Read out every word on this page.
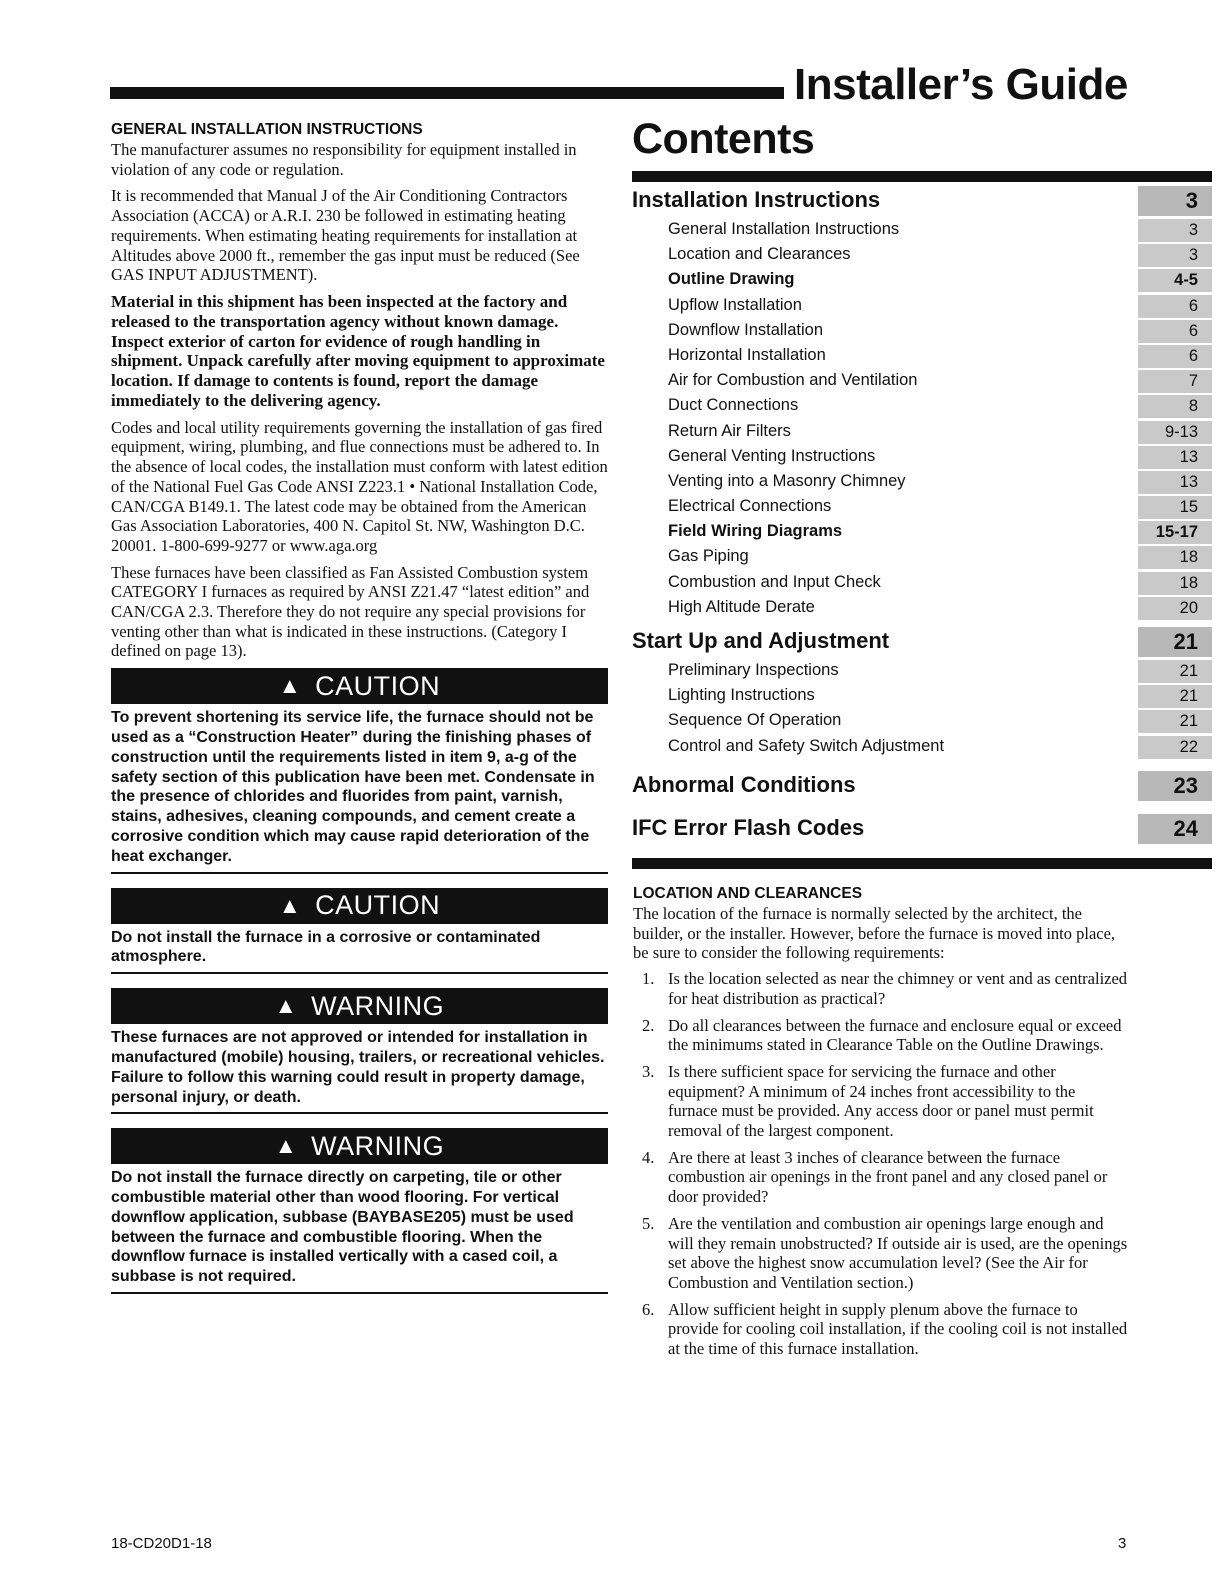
Installer’s Guide
GENERAL INSTALLATION INSTRUCTIONS

The manufacturer assumes no responsibility for equipment installed in violation of any code or regulation.

It is recommended that Manual J of the Air Conditioning Contractors Association (ACCA) or A.R.I. 230 be followed in estimating heating requirements. When estimating heating requirements for installation at Altitudes above 2000 ft., remember the gas input must be reduced (See GAS INPUT ADJUSTMENT).

Material in this shipment has been inspected at the factory and released to the transportation agency without known damage. Inspect exterior of carton for evidence of rough handling in shipment. Unpack carefully after moving equipment to approximate location. If damage to contents is found, report the damage immediately to the delivering agency.

Codes and local utility requirements governing the installation of gas fired equipment, wiring, plumbing, and flue connections must be adhered to. In the absence of local codes, the installation must conform with latest edition of the National Fuel Gas Code ANSI Z223.1 • National Installation Code, CAN/CGA B149.1. The latest code may be obtained from the American Gas Association Laboratories, 400 N. Capitol St. NW, Washington D.C. 20001. 1-800-699-9277 or www.aga.org

These furnaces have been classified as Fan Assisted Combustion system CATEGORY I furnaces as required by ANSI Z21.47 “latest edition” and CAN/CGA 2.3. Therefore they do not require any special provisions for venting other than what is indicated in these instructions. (Category I defined on page 13).

▲ CAUTION
To prevent shortening its service life, the furnace should not be used as a “Construction Heater” during the finishing phases of construction until the requirements listed in item 9, a-g of the safety section of this publication have been met. Condensate in the presence of chlorides and fluorides from paint, varnish, stains, adhesives, cleaning compounds, and cement create a corrosive condition which may cause rapid deterioration of the heat exchanger.
▲ CAUTION
Do not install the furnace in a corrosive or contaminated atmosphere.
▲ WARNING
These furnaces are not approved or intended for installation in manufactured (mobile) housing, trailers, or recreational vehicles. Failure to follow this warning could result in property damage, personal injury, or death.
▲ WARNING
Do not install the furnace directly on carpeting, tile or other combustible material other than wood flooring. For vertical downflow application, subbase (BAYBASE205) must be used between the furnace and combustible flooring. When the downflow furnace is installed vertically with a cased coil, a subbase is not required.
Contents
Installation Instructions	3
General Installation Instructions	3
Location and Clearances	3
Outline Drawing	4-5
Upflow Installation	6
Downflow Installation	6
Horizontal Installation	6
Air for Combustion and Ventilation	7
Duct Connections	8
Return Air Filters	9-13
General Venting Instructions	13
Venting into a Masonry Chimney	13
Electrical Connections	15
Field Wiring Diagrams	15-17
Gas Piping	18
Combustion and Input Check	18
High Altitude Derate	20
Start Up and Adjustment	21
Preliminary Inspections	21
Lighting Instructions	21
Sequence Of Operation	21
Control and Safety Switch Adjustment	22
Abnormal Conditions	23
IFC Error Flash Codes	24
LOCATION AND CLEARANCES

The location of the furnace is normally selected by the architect, the builder, or the installer. However, before the furnace is moved into place, be sure to consider the following requirements:

1. Is the location selected as near the chimney or vent and as centralized for heat distribution as practical?
2. Do all clearances between the furnace and enclosure equal or exceed the minimums stated in Clearance Table on the Outline Drawings.
3. Is there sufficient space for servicing the furnace and other equipment? A minimum of 24 inches front accessibility to the furnace must be provided. Any access door or panel must permit removal of the largest component.
4. Are there at least 3 inches of clearance between the furnace combustion air openings in the front panel and any closed panel or door provided?
5. Are the ventilation and combustion air openings large enough and will they remain unobstructed? If outside air is used, are the openings set above the highest snow accumulation level? (See the Air for Combustion and Ventilation section.)
6. Allow sufficient height in supply plenum above the furnace to provide for cooling coil installation, if the cooling coil is not installed at the time of this furnace installation.
18-CD20D1-18	3
